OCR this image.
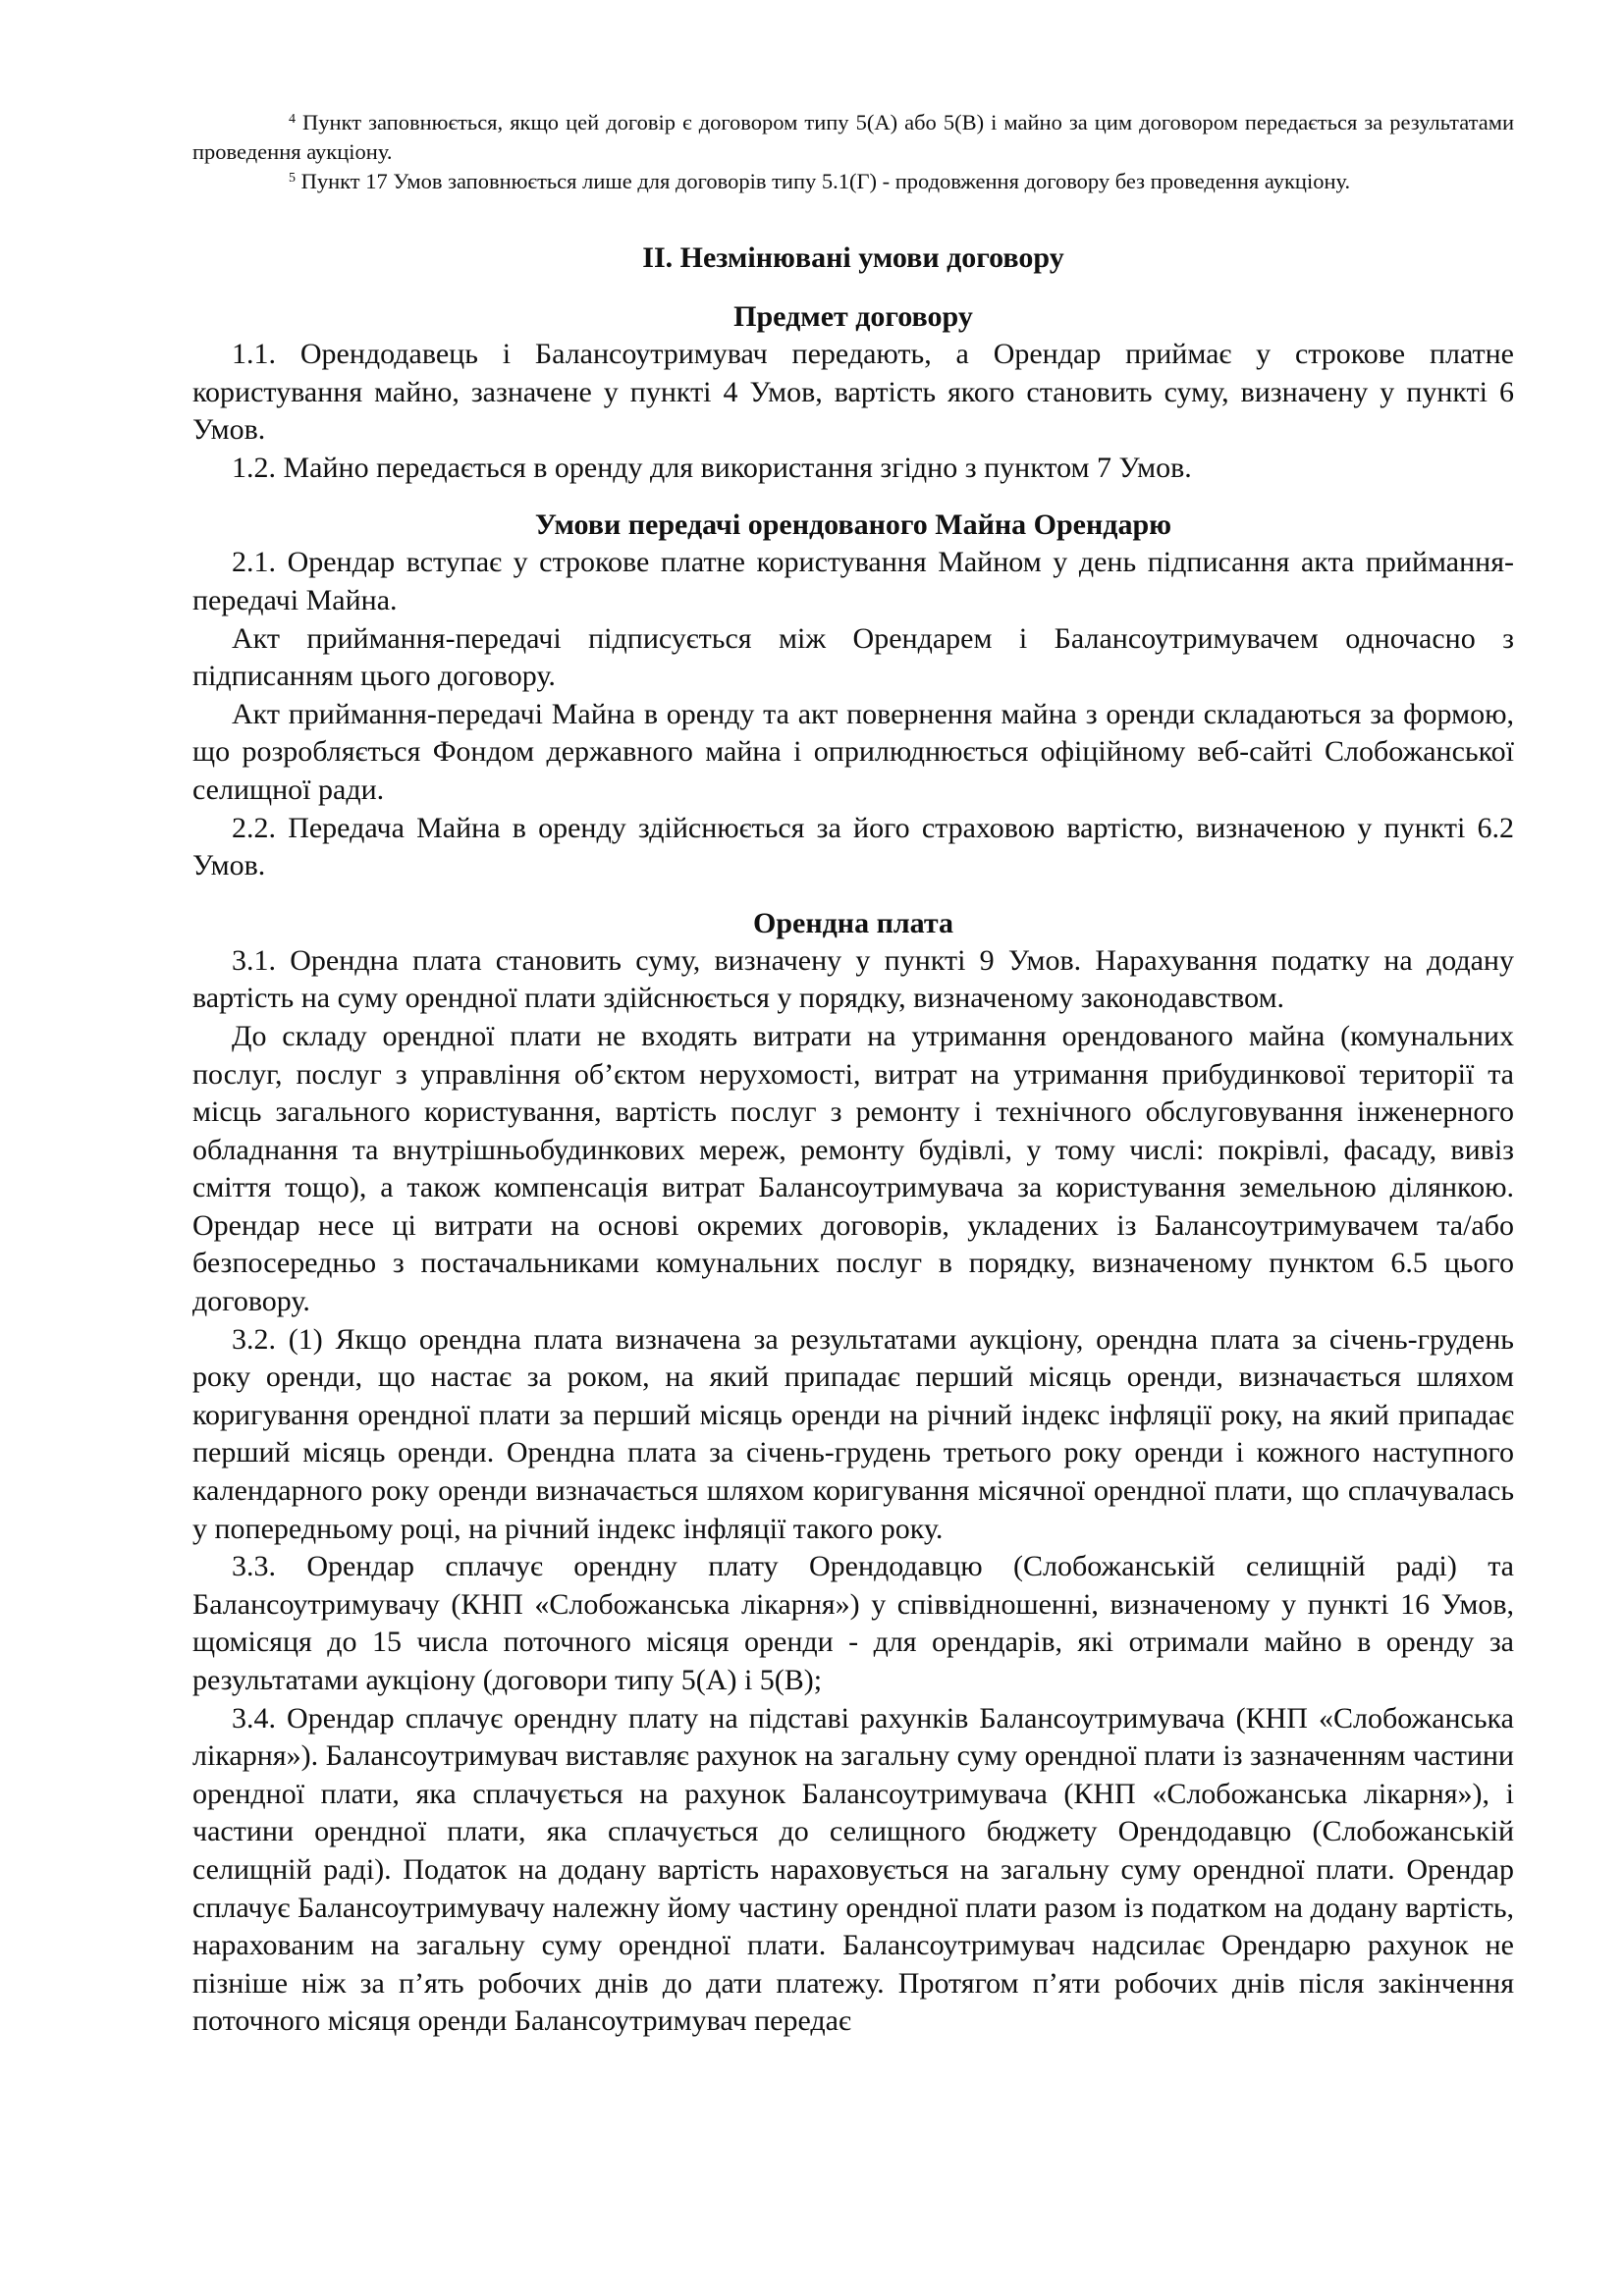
$^4$ Пункт заповнюється, якщо цей договір є договором типу 5(А) або 5(В) і майно за цим договором передається за результатами проведення аукціону.

$^5$ Пункт 17 Умов заповнюється лише для договорів типу 5.1(Г) - продовження договору без проведення аукціону.

ІІ. Незмінювані умови договору
Предмет договору

1.1. Орендодавець і Балансоутримувач передають, а Орендар приймає у строкове платне користування майно, зазначене у пункті 4 Умов, вартість якого становить суму, визначену у пункті 6 Умов.

1.2. Майно передається в оренду для використання згідно з пунктом 7 Умов.

Умови передачі орендованого Майна Орендарю

2.1. Орендар вступає у строкове платне користування Майном у день підписання акта приймання-передачі Майна.

Акт приймання-передачі підписується між Орендарем і Балансоутримувачем одночасно з підписанням цього договору.

Акт приймання-передачі Майна в оренду та акт повернення майна з оренди складаються за формою, що розробляється Фондом державного майна і оприлюднюється офіційному веб-сайті Слобожанської селищної ради.

2.2. Передача Майна в оренду здійснюється за його страховою вартістю, визначеною у пункті 6.2 Умов.

Орендна плата

3.1. Орендна плата становить суму, визначену у пункті 9 Умов. Нарахування податку на додану вартість на суму орендної плати здійснюється у порядку, визначеному законодавством.

До складу орендної плати не входять витрати на утримання орендованого майна (комунальних послуг, послуг з управління об’єктом нерухомості, витрат на утримання прибудинкової території та місць загального користування, вартість послуг з ремонту і технічного обслуговування інженерного обладнання та внутрішньобудинкових мереж, ремонту будівлі, у тому числі: покрівлі, фасаду, вивіз сміття тощо), а також компенсація витрат Балансоутримувача за користування земельною ділянкою. Орендар несе ці витрати на основі окремих договорів, укладених із Балансоутримувачем та/або безпосередньо з постачальниками комунальних послуг в порядку, визначеному пунктом 6.5 цього договору.

3.2. (1) Якщо орендна плата визначена за результатами аукціону, орендна плата за січень-грудень року оренди, що настає за роком, на який припадає перший місяць оренди, визначається шляхом коригування орендної плати за перший місяць оренди на річний індекс інфляції року, на який припадає перший місяць оренди. Орендна плата за січень-грудень третього року оренди і кожного наступного календарного року оренди визначається шляхом коригування місячної орендної плати, що сплачувалась у попередньому році, на річний індекс інфляції такого року.

3.3. Орендар сплачує орендну плату Орендодавцю (Слобожанській селищній раді) та Балансоутримувачу (КНП «Слобожанська лікарня») у співвідношенні, визначеному у пункті 16 Умов, щомісяця до 15 числа поточного місяця оренди - для орендарів, які отримали майно в оренду за результатами аукціону (договори типу 5(А) і 5(В);

3.4. Орендар сплачує орендну плату на підставі рахунків Балансоутримувача (КНП «Слобожанська лікарня»). Балансоутримувач виставляє рахунок на загальну суму орендної плати із зазначенням частини орендної плати, яка сплачується на рахунок Балансоутримувача (КНП «Слобожанська лікарня»), і частини орендної плати, яка сплачується до селищного бюджету Орендодавцю (Слобожанській селищній раді). Податок на додану вартість нараховується на загальну суму орендної плати. Орендар сплачує Балансоутримувачу належну йому частину орендної плати разом із податком на додану вартість, нарахованим на загальну суму орендної плати. Балансоутримувач надсилає Орендарю рахунок не пізніше ніж за п’ять робочих днів до дати платежу. Протягом п’яти робочих днів після закінчення поточного місяця оренди Балансоутримувач передає
